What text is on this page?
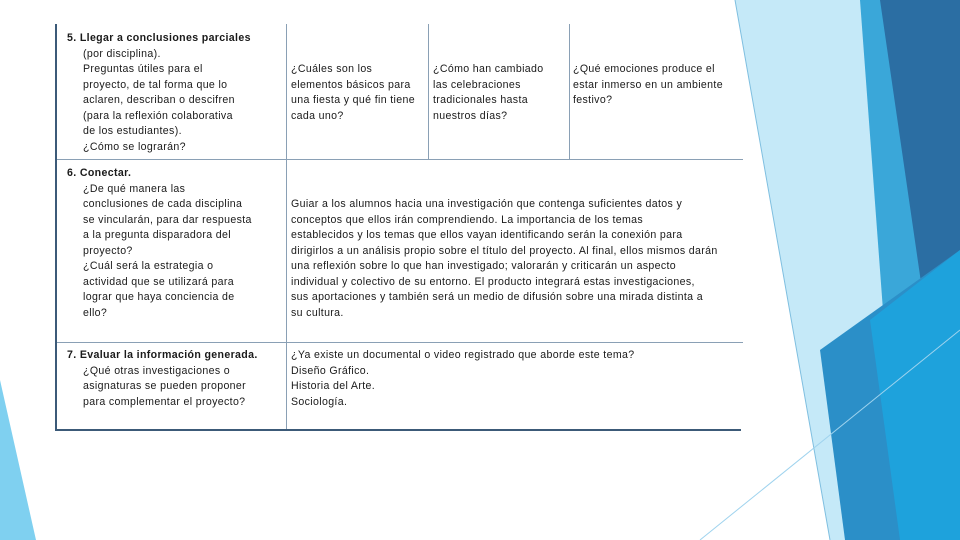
5. Llegar a conclusiones parciales
(por disciplina).
Preguntas útiles para el
proyecto, de tal forma que lo
aclaren, describan o descifren
(para la reflexión colaborativa
de los estudiantes).
¿Cómo se lograrán?
¿Cuáles son los
elementos básicos para
una fiesta y qué fin tiene
cada uno?
¿Cómo han cambiado
las celebraciones
tradicionales hasta
nuestros días?
¿Qué emociones produce el
estar inmerso en un ambiente
festivo?
6. Conectar.
¿De qué manera las
conclusiones de cada disciplina
se vincularán, para dar respuesta
a la pregunta disparadora del
proyecto?
¿Cuál será la estrategia o
actividad que se utilizará para
lograr que haya conciencia de
ello?
Guiar a los alumnos hacia una investigación que contenga suficientes datos y
conceptos que ellos irán comprendiendo. La importancia de los temas
establecidos y los temas que ellos vayan identificando serán la conexión para
dirigirlos a un análisis propio sobre el título del proyecto. Al final, ellos mismos darán
una reflexión sobre lo que han investigado; valorarán y criticarán un aspecto
individual y colectivo de su entorno. El producto integrará estas investigaciones,
sus aportaciones y también será un medio de difusión sobre una mirada distinta a
su cultura.
7. Evaluar la información generada.
¿Qué otras investigaciones o
asignaturas se pueden proponer
para complementar el proyecto?
¿Ya existe un documental o video registrado que aborde este tema?
Diseño Gráfico.
Historia del Arte.
Sociología.
